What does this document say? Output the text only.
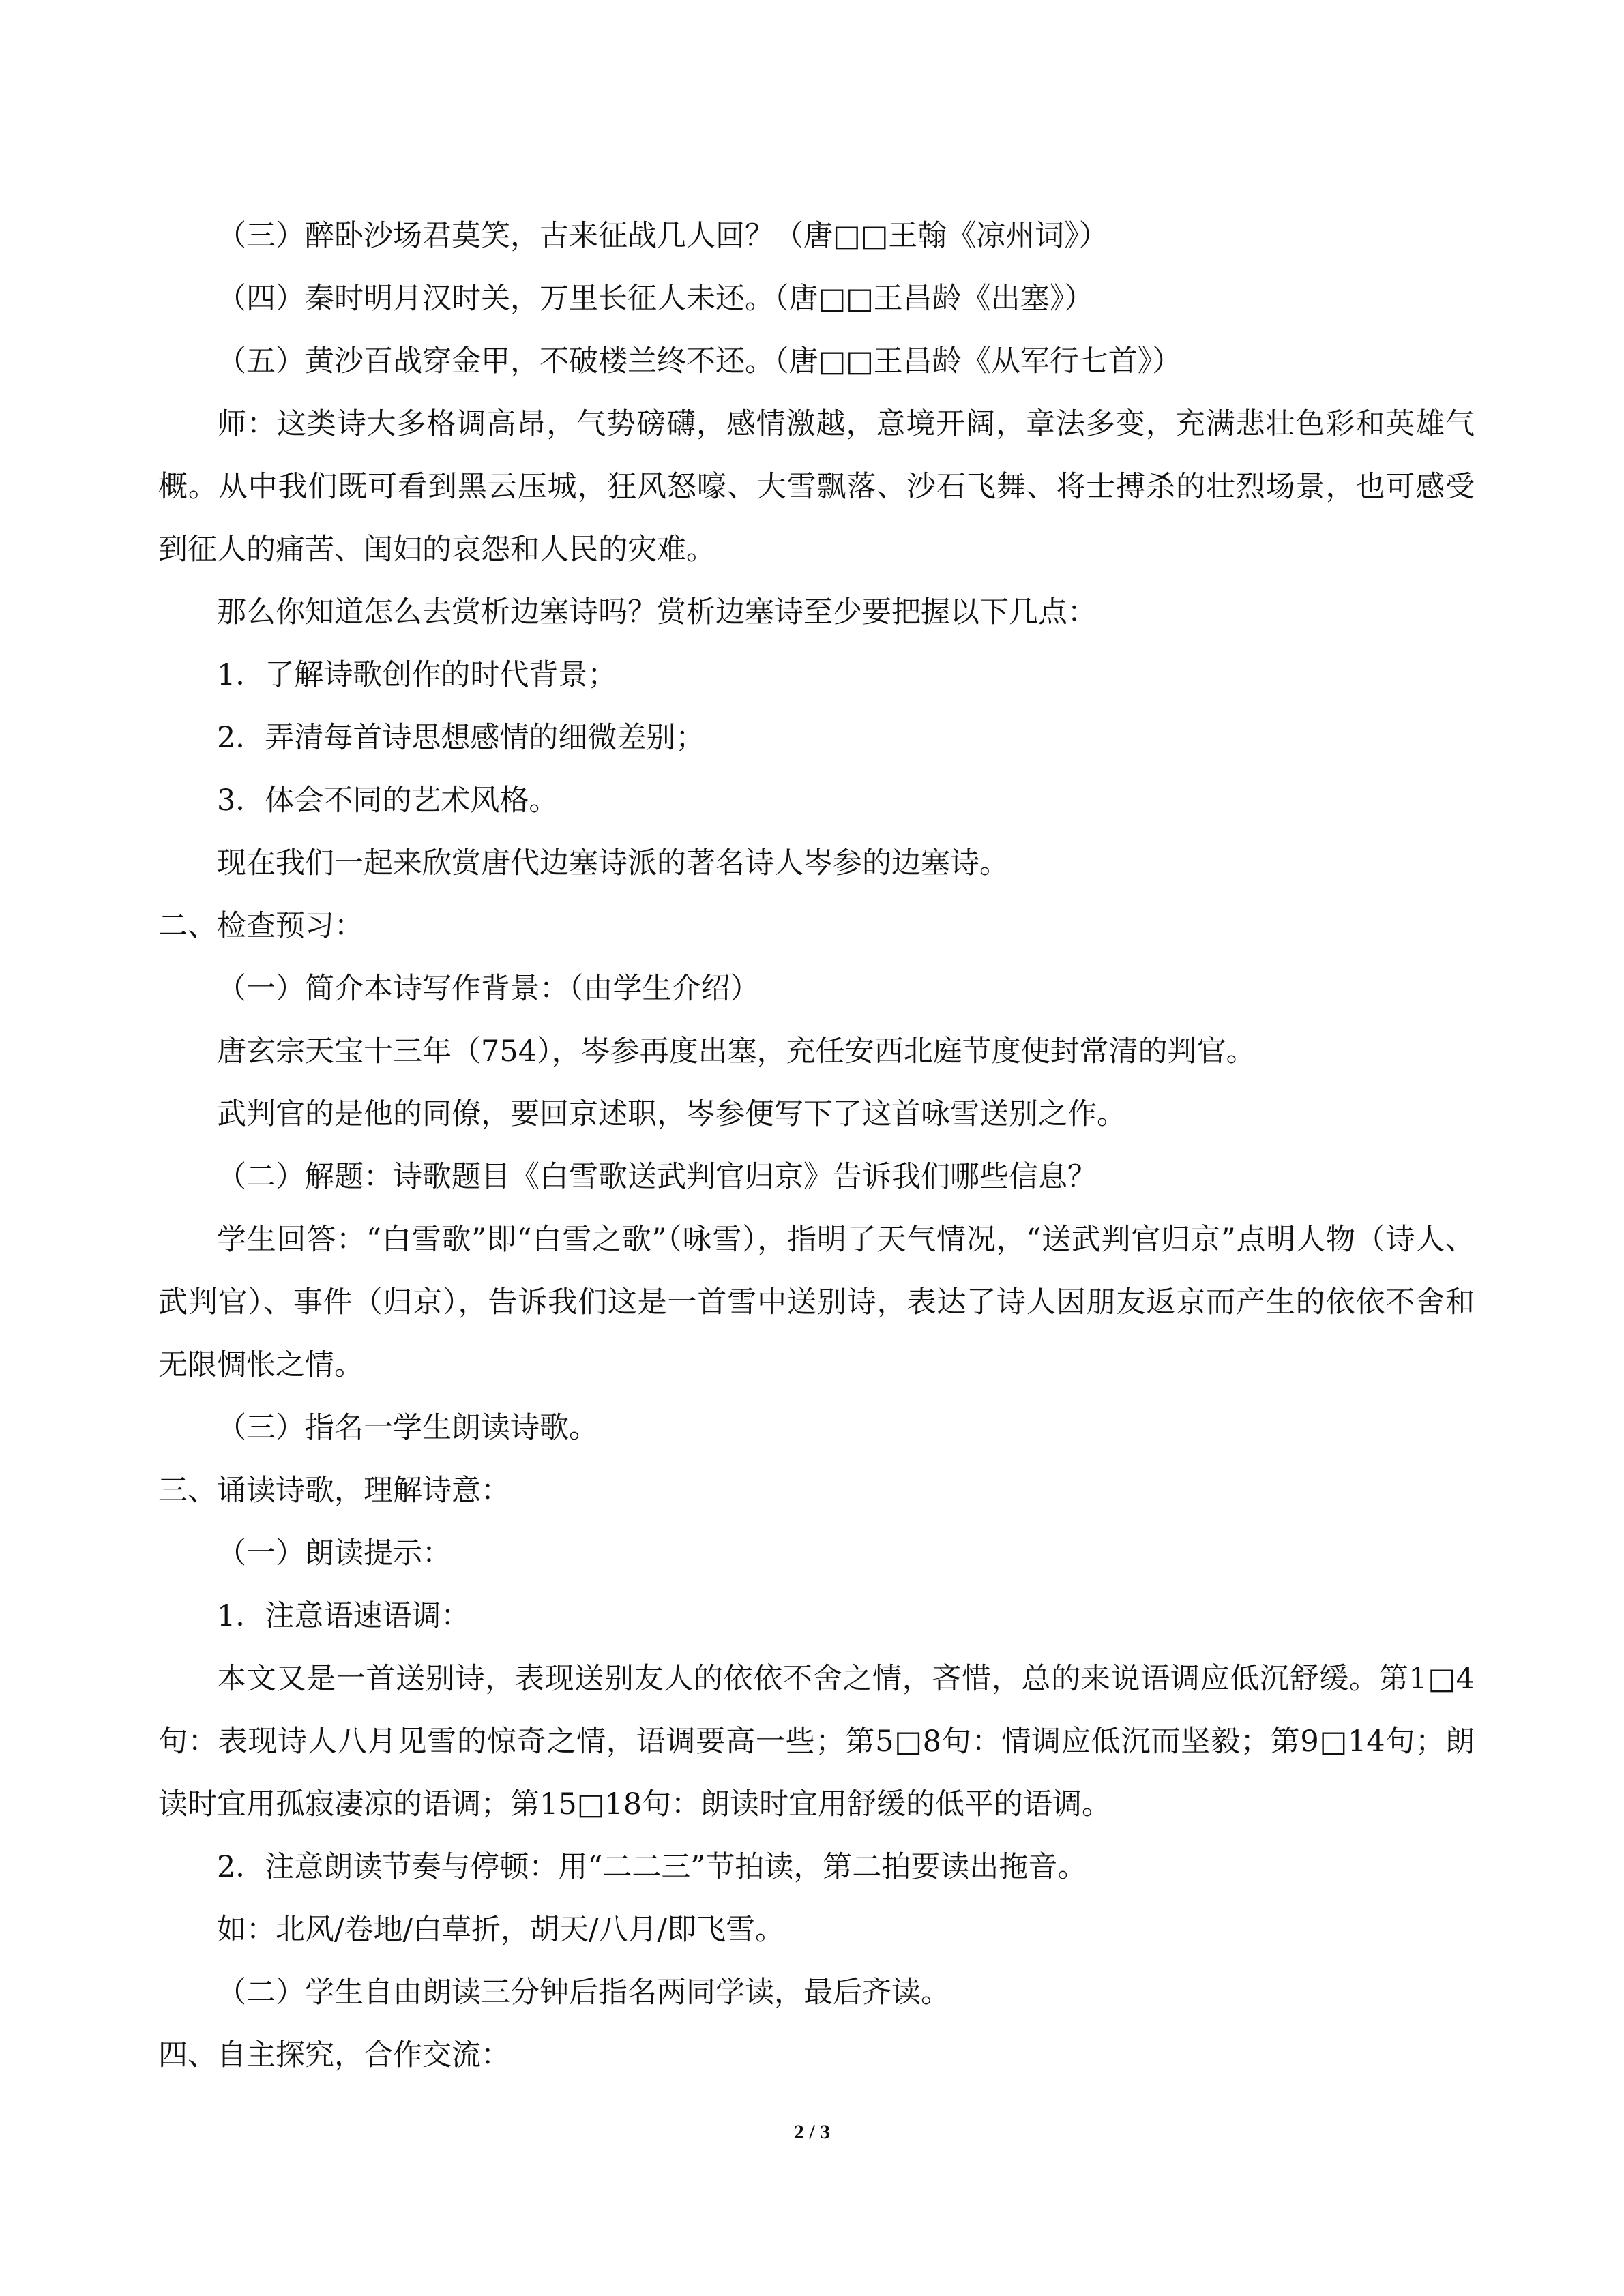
（三）醉卧沙场君莫笑，古来征战几人回？（唐□□王翰《凉州词》）

（四）秦时明月汉时关，万里长征人未还。（唐□□王昌龄《出塞》）

（五）黄沙百战穿金甲，不破楼兰终不还。（唐□□王昌龄《从军行七首》）

师：这类诗大多格调高昂，气势磅礴，感情激越，意境开阔，章法多变，充满悲壮色彩和英雄气概。从中我们既可看到黑云压城，狂风怒嚎、大雪飘落、沙石飞舞、将士搏杀的壮烈场景，也可感受到征人的痛苦、闺妇的哀怨和人民的灾难。

那么你知道怎么去赏析边塞诗吗？赏析边塞诗至少要把握以下几点：

1．了解诗歌创作的时代背景；

2．弄清每首诗思想感情的细微差别；

3．体会不同的艺术风格。

现在我们一起来欣赏唐代边塞诗派的著名诗人岑参的边塞诗。

二、检查预习：

（一）简介本诗写作背景：（由学生介绍）

唐玄宗天宝十三年（754），岑参再度出塞，充任安西北庭节度使封常清的判官。

武判官的是他的同僚，要回京述职，岑参便写下了这首咏雪送别之作。

（二）解题：诗歌题目《白雪歌送武判官归京》告诉我们哪些信息？

学生回答：“白雪歌”即“白雪之歌”（咏雪），指明了天气情况，“送武判官归京”点明人物（诗人、武判官）、事件（归京），告诉我们这是一首雪中送别诗，表达了诗人因朋友返京而产生的依依不舍和无限惆怅之情。

（三）指名一学生朗读诗歌。

三、诵读诗歌，理解诗意：

（一）朗读提示：

1．注意语速语调：

本文又是一首送别诗，表现送别友人的依依不舍之情，吝惜，总的来说语调应低沉舒缓。第1□4句：表现诗人八月见雪的惊奇之情，语调要高一些；第5□8句：情调应低沉而坚毅；第9□14句；朗读时宜用孤寂凄凉的语调；第15□18句：朗读时宜用舒缓的低平的语调。

2．注意朗读节奏与停顿：用“二二三”节拍读，第二拍要读出拖音。

如：北风/卷地/白草折，胡天/八月/即飞雪。

（二）学生自由朗读三分钟后指名两同学读，最后齐读。

四、自主探究，合作交流：

2 / 3
